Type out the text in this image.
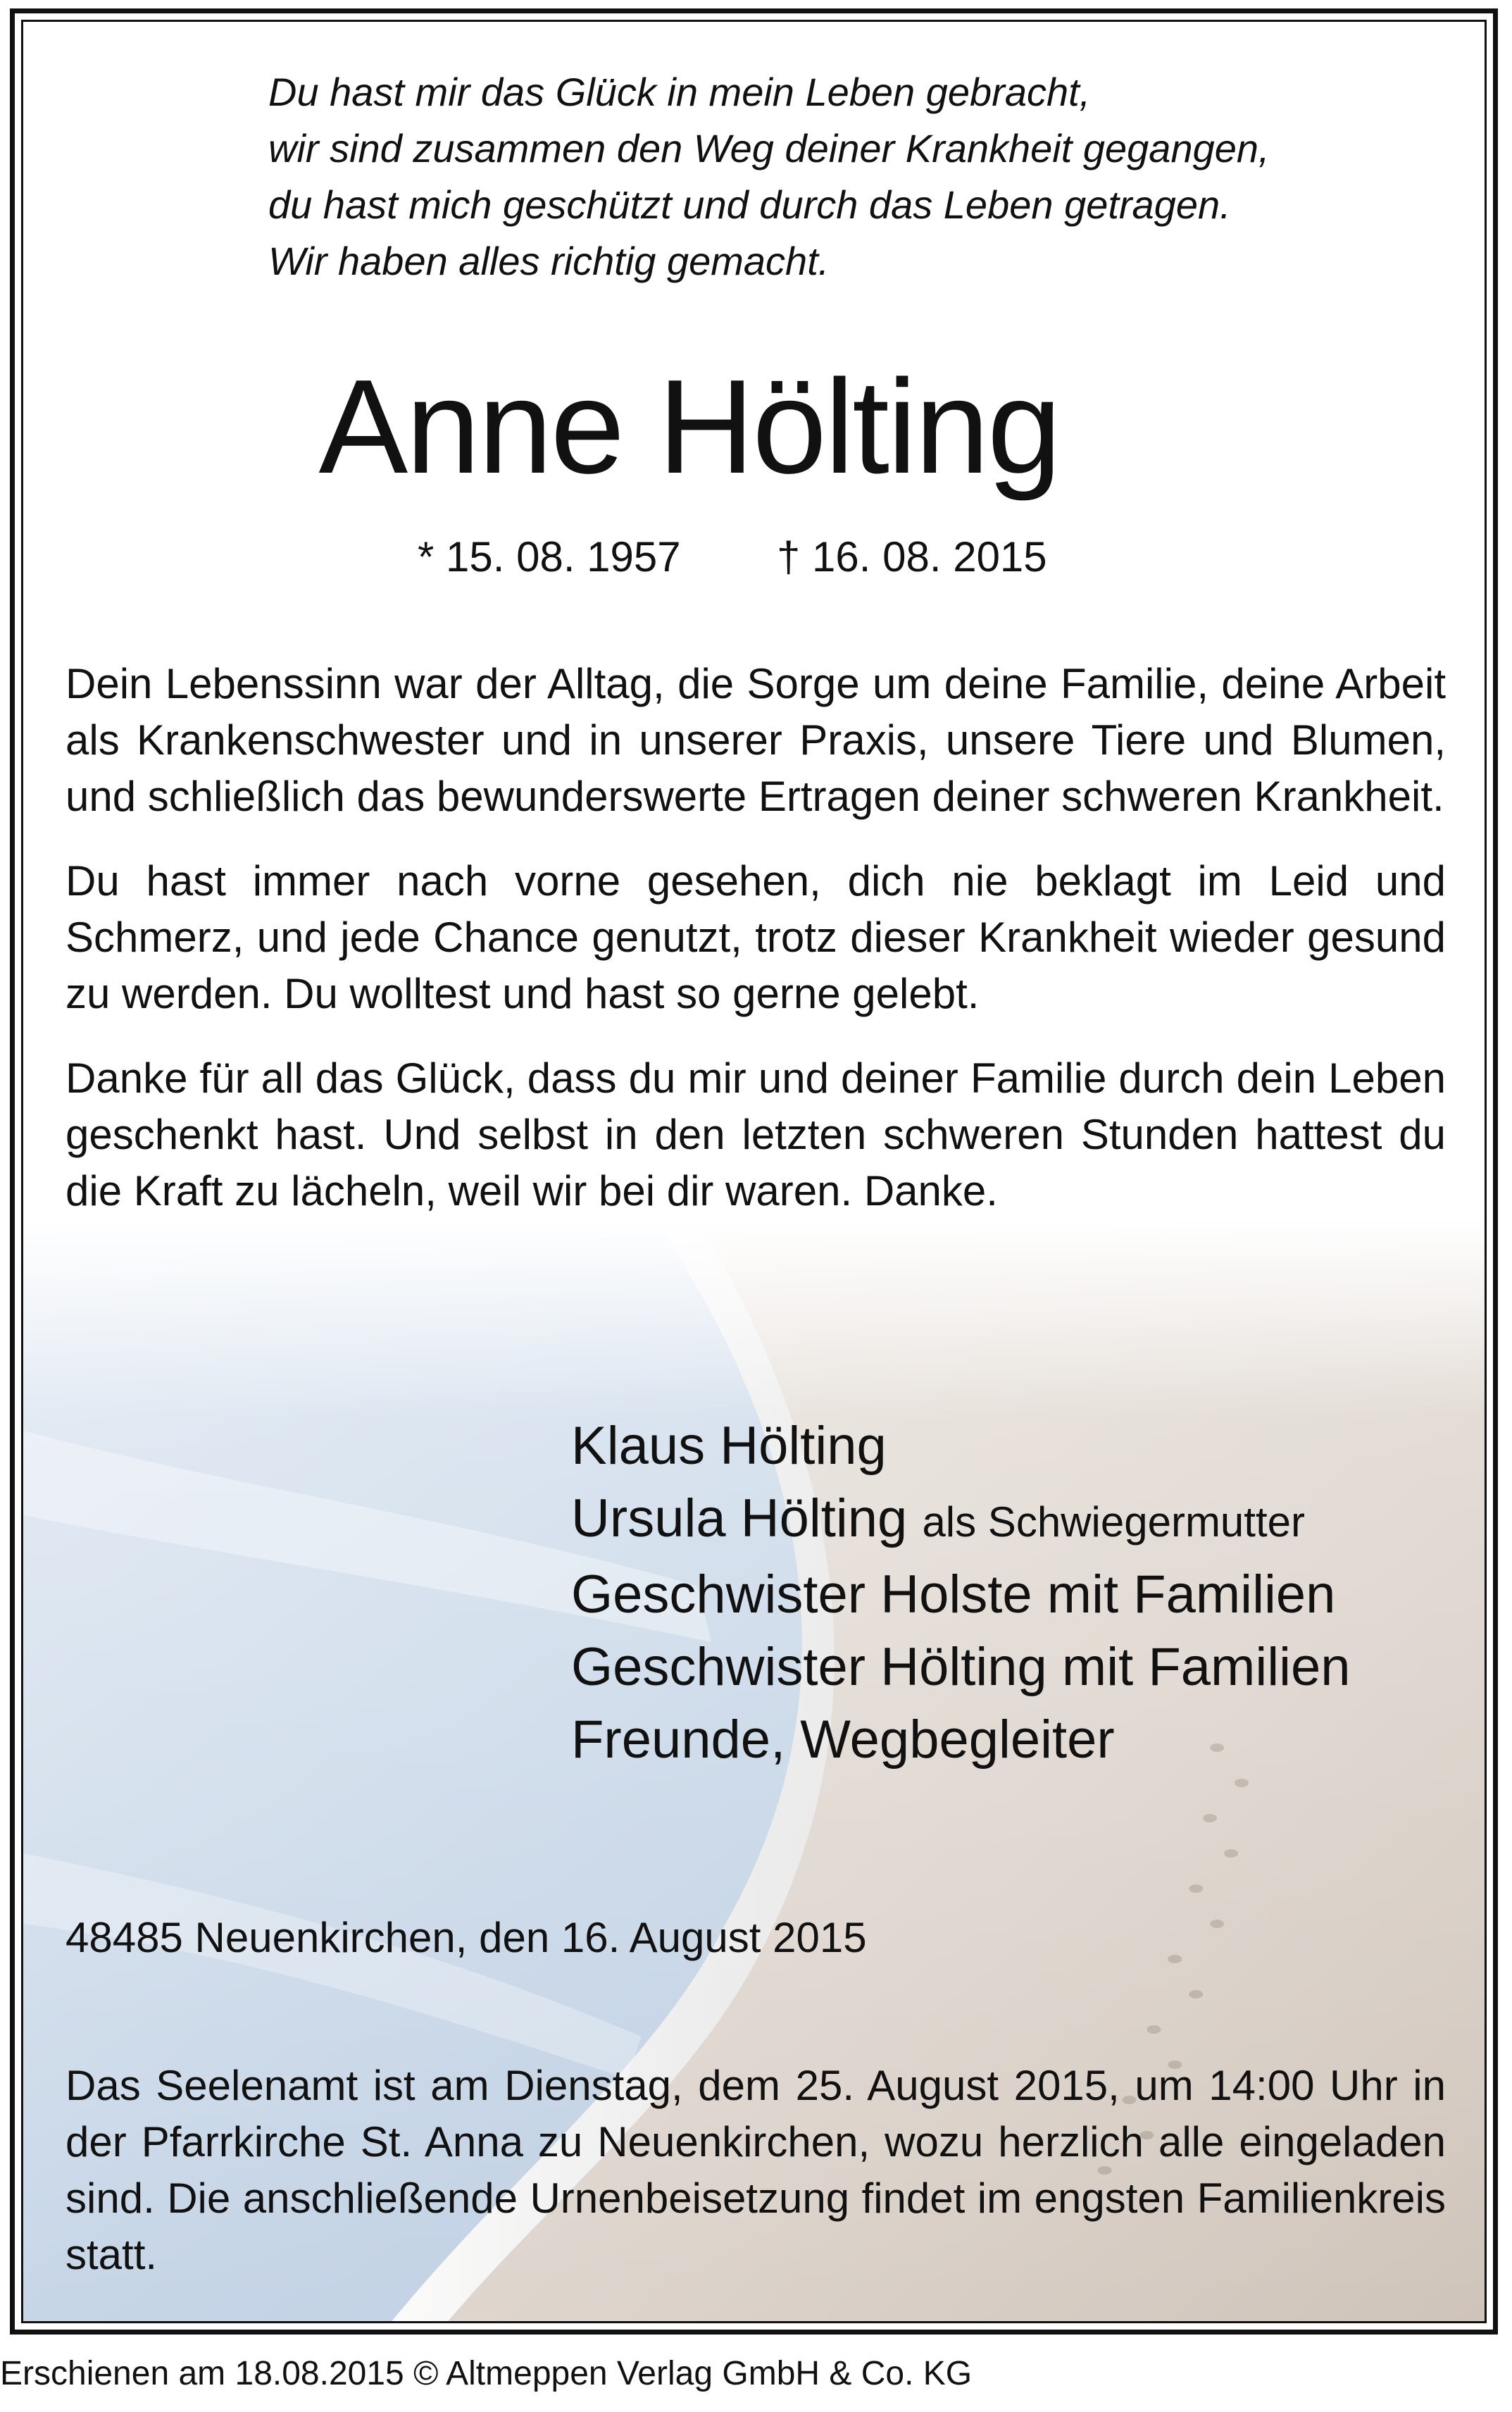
Du hast mir das Glück in mein Leben gebracht,
wir sind zusammen den Weg deiner Krankheit gegangen,
du hast mich geschützt und durch das Leben getragen.
Wir haben alles richtig gemacht.
Anne Hölting
* 15. 08. 1957 † 16. 08. 2015

Dein Lebenssinn war der Alltag, die Sorge um deine Familie, deine Arbeit als Krankenschwester und in unserer Praxis, unsere Tiere und Blumen, und schließlich das bewunderswerte Ertragen deiner schweren Krankheit.

Du hast immer nach vorne gesehen, dich nie beklagt im Leid und Schmerz, und jede Chance genutzt, trotz dieser Krankheit wieder gesund zu werden. Du wolltest und hast so gerne gelebt.

Danke für all das Glück, dass du mir und deiner Familie durch dein Leben geschenkt hast. Und selbst in den letzten schweren Stunden hattest du die Kraft zu lächeln, weil wir bei dir waren. Danke.

Klaus Hölting
Ursula Hölting als Schwiegermutter
Geschwister Holste mit Familien
Geschwister Hölting mit Familien
Freunde, Wegbegleiter
48485 Neuenkirchen, den 16. August 2015
Das Seelenamt ist am Dienstag, dem 25. August 2015, um 14:00 Uhr in der Pfarrkirche St. Anna zu Neuenkirchen, wozu herzlich alle eingeladen sind. Die anschließende Urnenbeisetzung findet im engsten Familienkreis statt.
Erschienen am 18.08.2015 © Altmeppen Verlag GmbH & Co. KG
